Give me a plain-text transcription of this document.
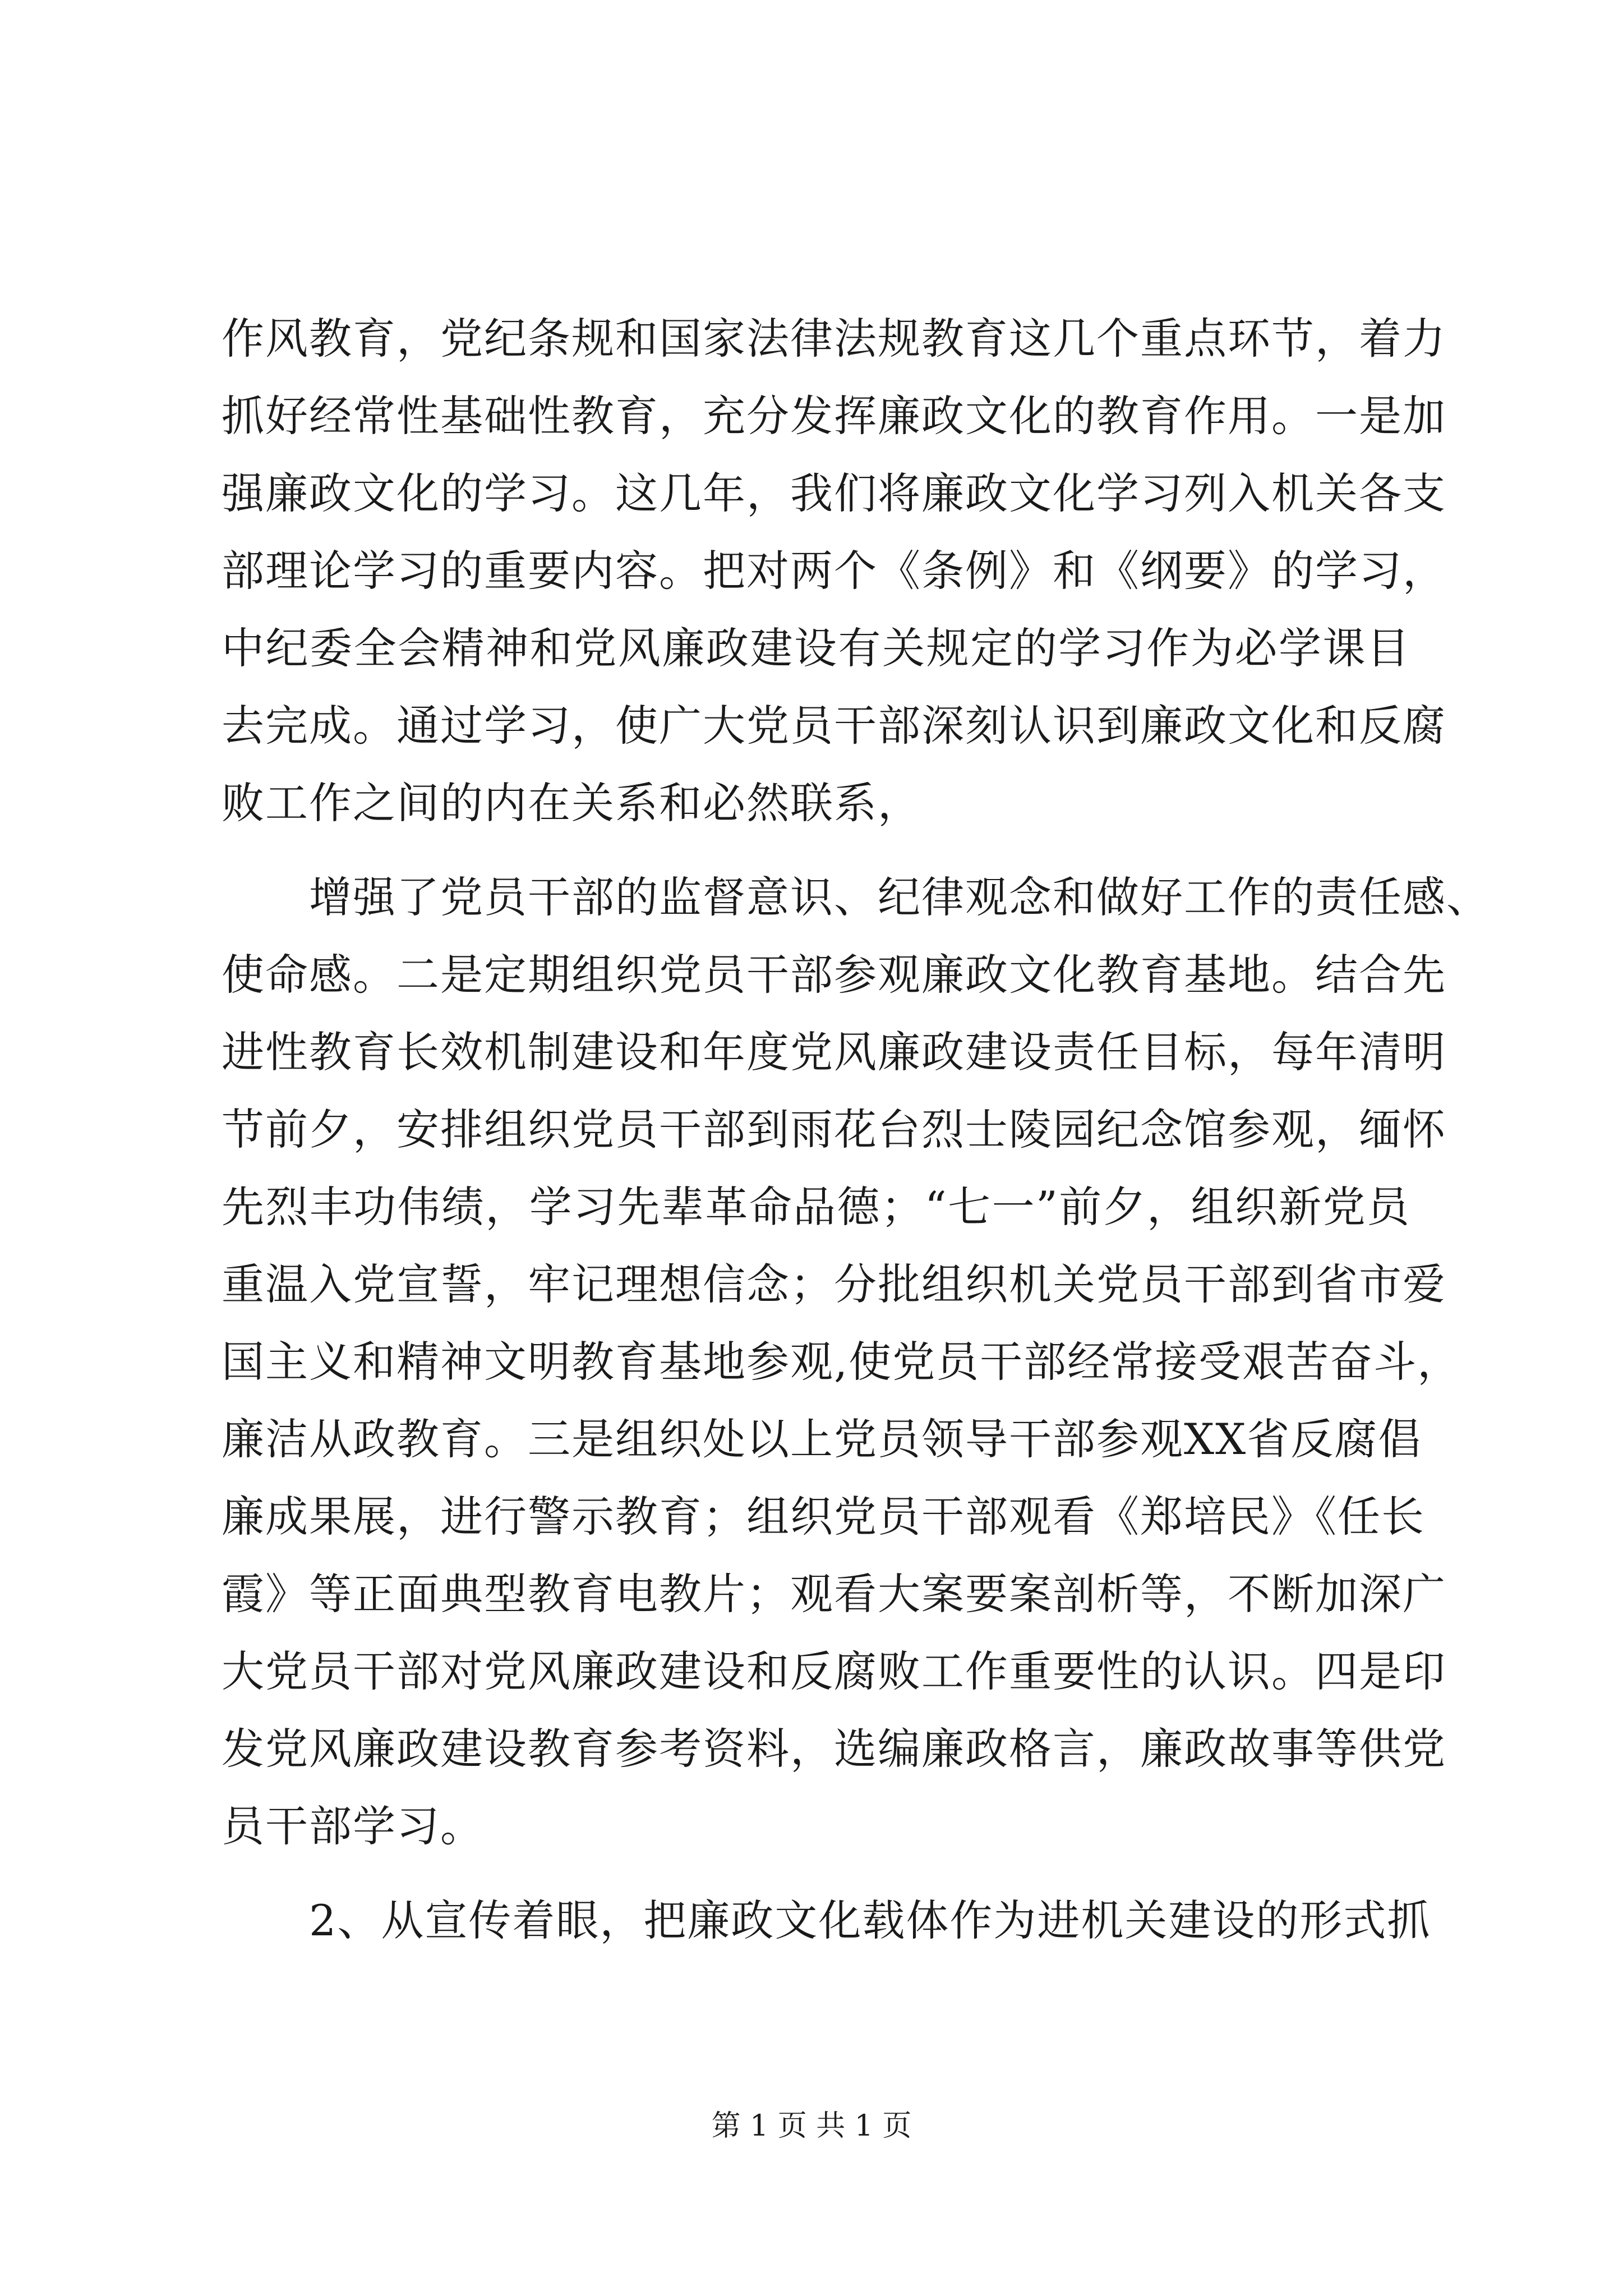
作风教育，党纪条规和国家法律法规教育这几个重点环节，着力
抓好经常性基础性教育，充分发挥廉政文化的教育作用。一是加
强廉政文化的学习。这几年，我们将廉政文化学习列入机关各支
部理论学习的重要内容。把对两个《条例》和《纲要》的学习，
中纪委全会精神和党风廉政建设有关规定的学习作为必学课目
去完成。通过学习，使广大党员干部深刻认识到廉政文化和反腐
败工作之间的内在关系和必然联系，
　　增强了党员干部的监督意识、纪律观念和做好工作的责任感、
使命感。二是定期组织党员干部参观廉政文化教育基地。结合先
进性教育长效机制建设和年度党风廉政建设责任目标，每年清明
节前夕，安排组织党员干部到雨花台烈士陵园纪念馆参观，缅怀
先烈丰功伟绩，学习先辈革命品德；“七一”前夕，组织新党员
重温入党宣誓，牢记理想信念；分批组织机关党员干部到省市爱
国主义和精神文明教育基地参观,使党员干部经常接受艰苦奋斗，
廉洁从政教育。三是组织处以上党员领导干部参观XX省反腐倡
廉成果展，进行警示教育；组织党员干部观看《郑培民》《任长
霞》等正面典型教育电教片；观看大案要案剖析等，不断加深广
大党员干部对党风廉政建设和反腐败工作重要性的认识。四是印
发党风廉政建设教育参考资料，选编廉政格言，廉政故事等供党
员干部学习。
　　2、从宣传着眼，把廉政文化载体作为进机关建设的形式抓
第 1 页 共 1 页
